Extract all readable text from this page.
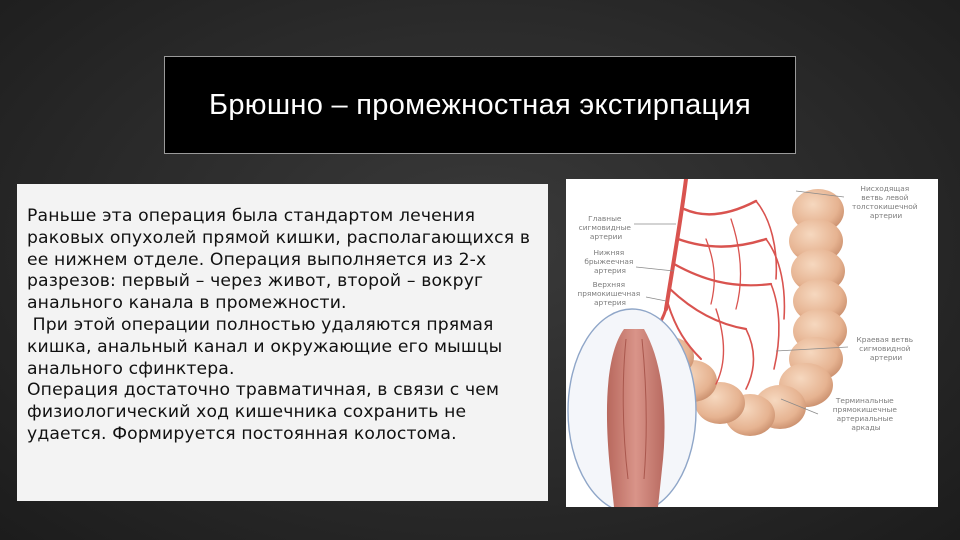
Брюшно – промежностная экстирпация

Раньше эта операция была стандартом лечения раковых опухолей прямой кишки, располагающихся в ее нижнем отделе. Операция выполняется из 2-х разрезов: первый – через живот, второй – вокруг анального канала в промежности.

При этой операции полностью удаляются прямая кишка, анальный канал и окружающие его мышцы анального сфинктера.

Операция достаточно травматичная, в связи с чем физиологический ход кишечника сохранить не удается. Формируется постоянная колостома.

Главные сигмовидные артерии
Нижняя брыжеечная артерия
Верхняя прямокишечная артерия
Нисходящая ветвь левой толстокишечной артерии
Краевая ветвь сигмовидной артерии
Терминальные прямокишечные артериальные аркады
